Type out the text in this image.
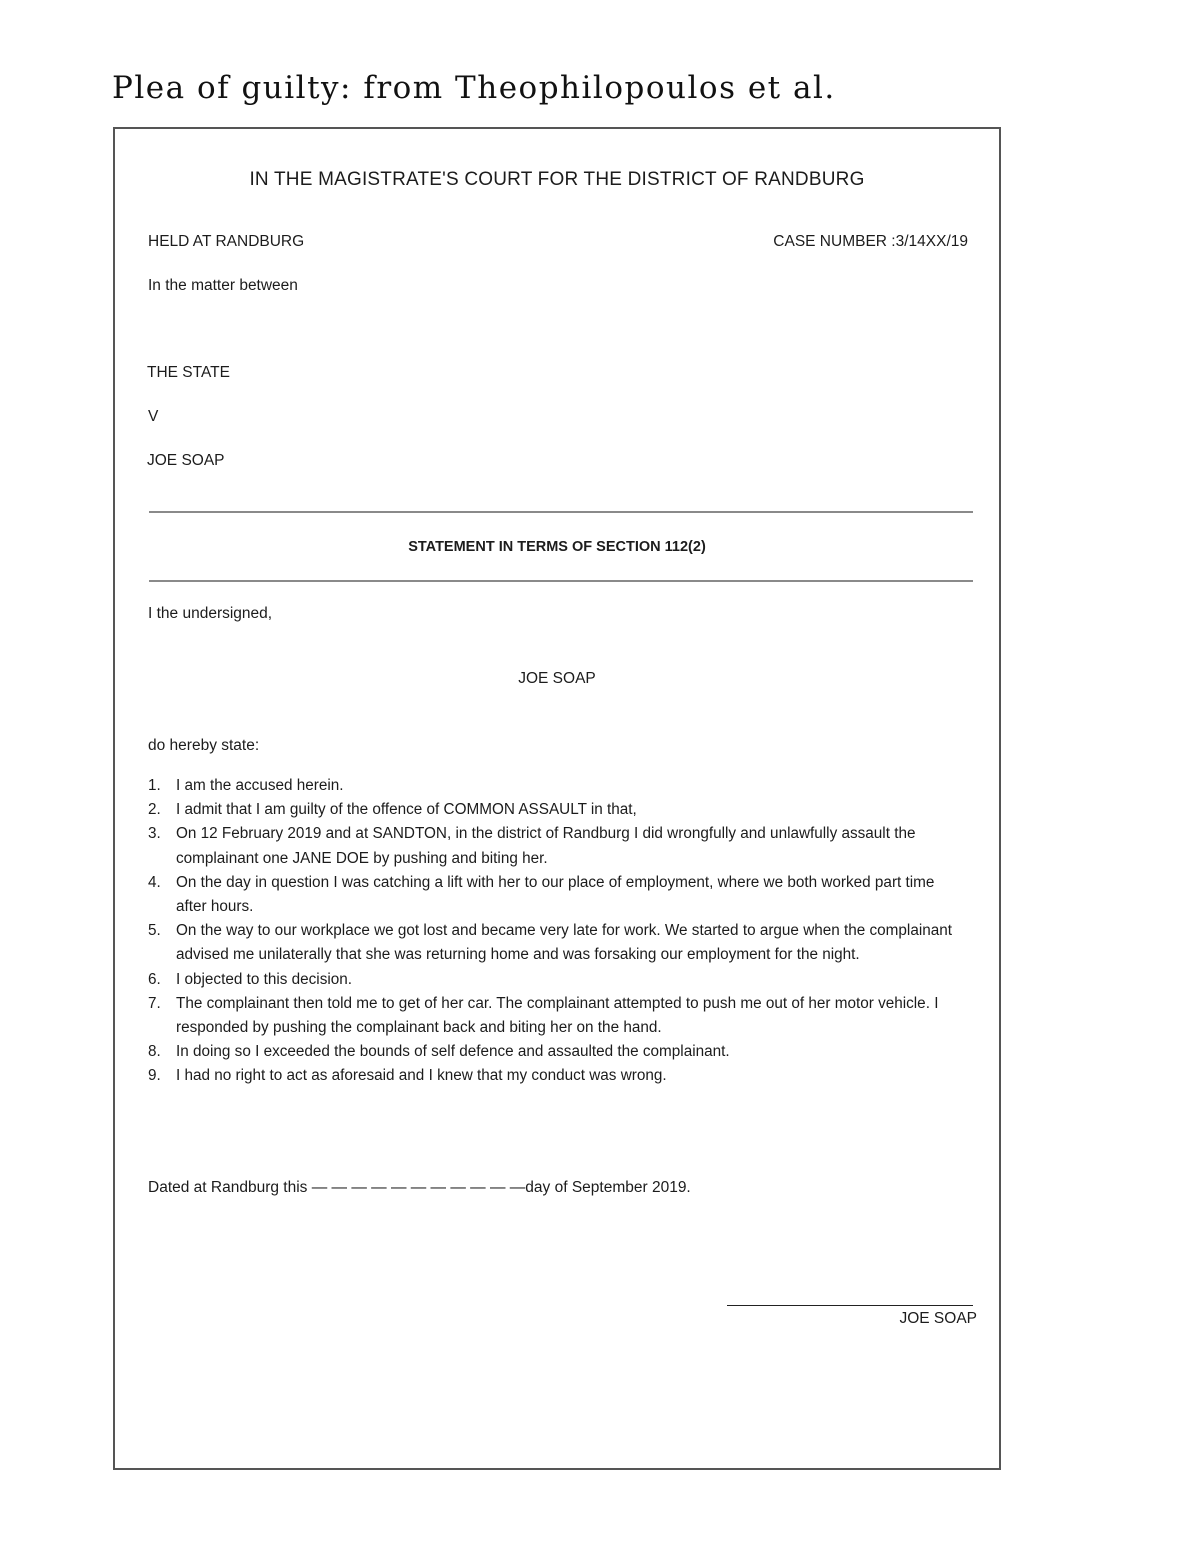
Plea of guilty: from Theophilopoulos et al.
IN THE MAGISTRATE'S COURT FOR THE DISTRICT OF RANDBURG
HELD AT RANDBURG	CASE NUMBER :3/14XX/19
In the matter between
THE STATE
V
JOE SOAP
STATEMENT IN TERMS OF SECTION 112(2)
I the undersigned,
JOE SOAP
do hereby state:
1. I am the accused herein.
2. I admit that I am guilty of the offence of COMMON ASSAULT in that,
3. On 12 February 2019 and at SANDTON, in the district of Randburg I did wrongfully and unlawfully assault the complainant one JANE DOE by pushing and biting her.
4. On the day in question I was catching a lift with her to our place of employment, where we both worked part time after hours.
5. On the way to our workplace we got lost and became very late for work. We started to argue when the complainant advised me unilaterally that she was returning home and was forsaking our employment for the night.
6. I objected to this decision.
7. The complainant then told me to get of her car. The complainant attempted to push me out of her motor vehicle. I responded by pushing the complainant back and biting her on the hand.
8. In doing so I exceeded the bounds of self defence and assaulted the complainant.
9. I had no right to act as aforesaid and I knew that my conduct was wrong.
Dated at Randburg this — — — — — — — — — — —day of September 2019.
JOE SOAP
